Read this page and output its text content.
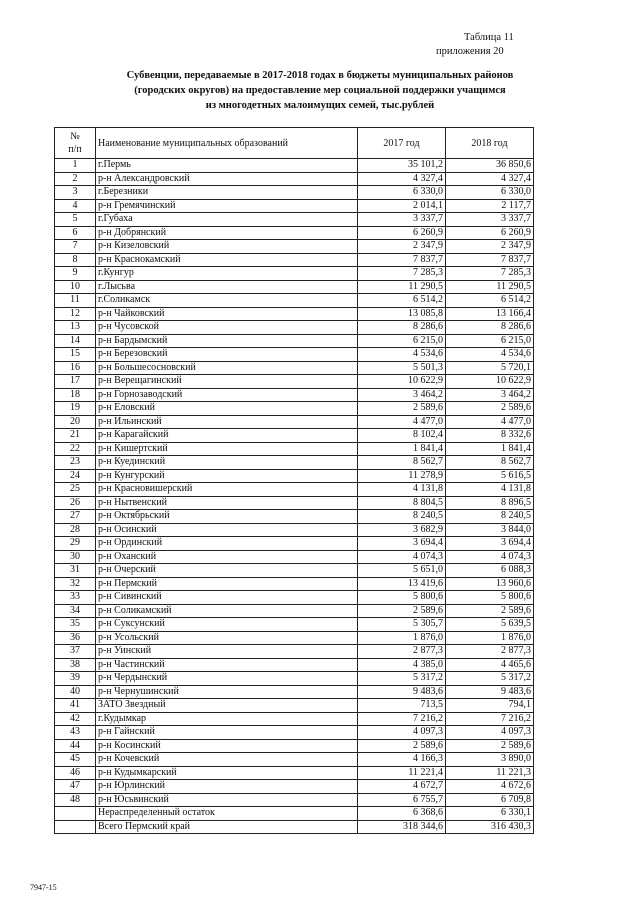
Таблица 11
приложения 20
Субвенции, передаваемые в 2017-2018 годах в бюджеты муниципальных районов
(городских округов) на предоставление мер социальной поддержки учащимся
из многодетных малоимущих семей, тыс.рублей
№
п/п	Наименование муниципальных образований	2017 год	2018 год
1	г.Пермь	35 101,2	36 850,6
2	р-н Александровский	4 327,4	4 327,4
3	г.Березники	6 330,0	6 330,0
4	р-н Гремячинский	2 014,1	2 117,7
5	г.Губаха	3 337,7	3 337,7
6	р-н Добрянский	6 260,9	6 260,9
7	р-н Кизеловский	2 347,9	2 347,9
8	р-н Краснокамский	7 837,7	7 837,7
9	г.Кунгур	7 285,3	7 285,3
10	г.Лысьва	11 290,5	11 290,5
11	г.Соликамск	6 514,2	6 514,2
12	р-н Чайковский	13 085,8	13 166,4
13	р-н Чусовской	8 286,6	8 286,6
14	р-н Бардымский	6 215,0	6 215,0
15	р-н Березовский	4 534,6	4 534,6
16	р-н Большесосновский	5 501,3	5 720,1
17	р-н Верещагинский	10 622,9	10 622,9
18	р-н Горнозаводский	3 464,2	3 464,2
19	р-н Еловский	2 589,6	2 589,6
20	р-н Ильинский	4 477,0	4 477,0
21	р-н Карагайский	8 102,4	8 332,6
22	р-н Кишертский	1 841,4	1 841,4
23	р-н Куединский	8 562,7	8 562,7
24	р-н Кунгурский	11 278,9	5 616,5
25	р-н Красновишерский	4 131,8	4 131,8
26	р-н Нытвенский	8 804,5	8 896,5
27	р-н Октябрьский	8 240,5	8 240,5
28	р-н Осинский	3 682,9	3 844,0
29	р-н Ординский	3 694,4	3 694,4
30	р-н Оханский	4 074,3	4 074,3
31	р-н Очерский	5 651,0	6 088,3
32	р-н Пермский	13 419,6	13 960,6
33	р-н Сивинский	5 800,6	5 800,6
34	р-н Соликамский	2 589,6	2 589,6
35	р-н Суксунский	5 305,7	5 639,5
36	р-н Усольский	1 876,0	1 876,0
37	р-н Уинский	2 877,3	2 877,3
38	р-н Частинский	4 385,0	4 465,6
39	р-н Чердынский	5 317,2	5 317,2
40	р-н Чернушинский	9 483,6	9 483,6
41	ЗАТО Звездный	713,5	794,1
42	г.Кудымкар	7 216,2	7 216,2
43	р-н Гайнский	4 097,3	4 097,3
44	р-н Косинский	2 589,6	2 589,6
45	р-н Кочевский	4 166,3	3 890,0
46	р-н Кудымкарский	11 221,4	11 221,3
47	р-н Юрлинский	4 672,7	4 672,6
48	р-н Юсьвинский	6 755,7	6 709,8
	Нераспределенный остаток	6 368,6	6 330,1
	Всего Пермский край	318 344,6	316 430,3
7947-15
